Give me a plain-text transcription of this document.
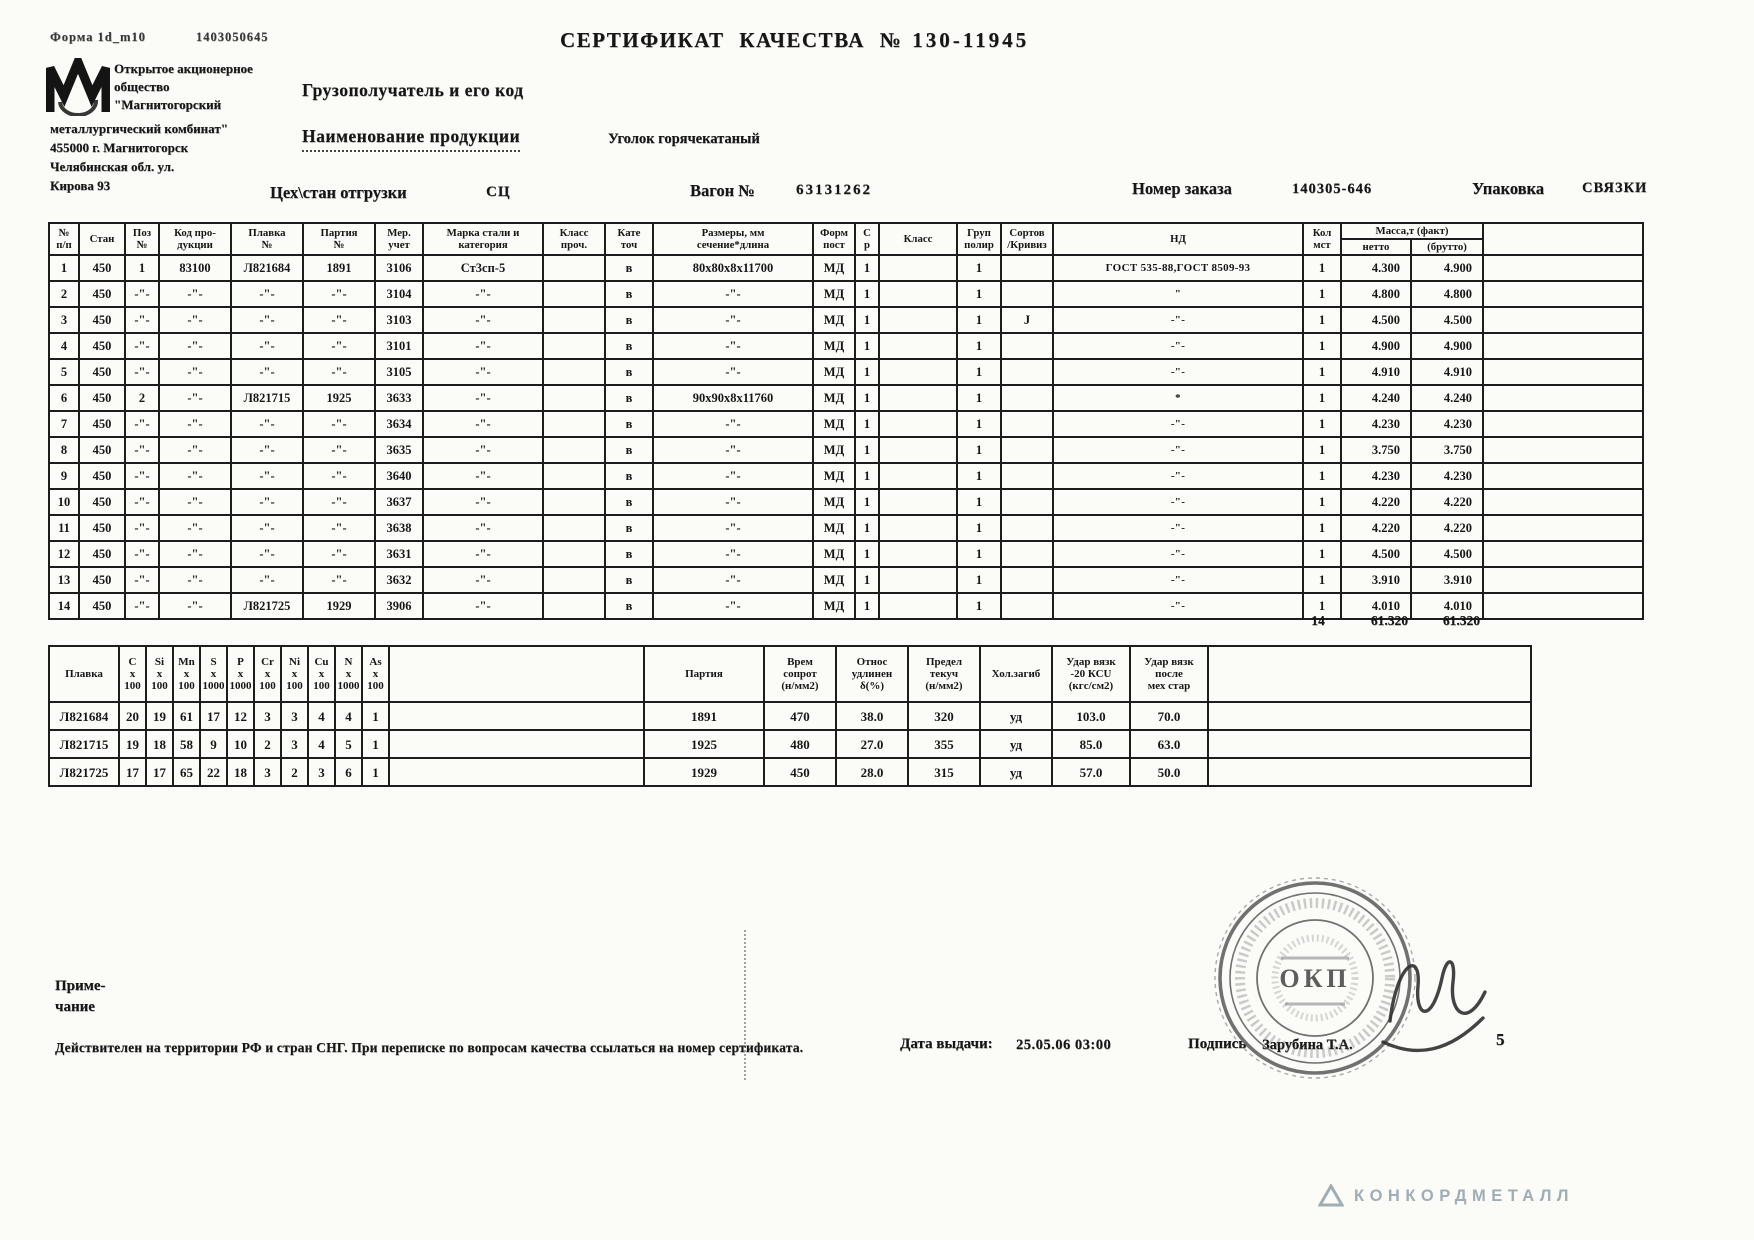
Форма 1d_m10	1403050645	СЕРТИФИКАТ КАЧЕСТВА № 130-11945
Открытое акционерное
общество
"Магнитогорский
металлургический комбинат"
455000 г. Магнитогорск
Челябинская обл. ул.
Кирова 93
Грузополучатель и его код
Наименование продукции	Уголок горячекатаный
Цех\стан отгрузки	СЦ	Вагон №	63131262	Номер заказа	140305-646	Упаковка	СВЯЗКИ
№
п/п

Стан

Поз
№

Код про-
дукции

Плавка
№

Партия
№

Мер.
учет

Марка стали и
категория

Класс
проч.

Кате
точ

Размеры, мм
сечение*длина

Форм
пост

С
р

Класс

Груп
полир

Сортов
/Кривиз

НД

Кол
мст
	Масса,т (факт)	
																		нетто	(брутто)	
1	450	1	83100	Л821684	1891	3106	Ст3сп-5		в	80х80х8х11700	МД	1		1		ГОСТ 535-88,ГОСТ 8509-93	1	4.300	4.900	
2	450	-"-	-"-	-"-	-"-	3104	-"-		в	-"-	МД	1		1		"	1	4.800	4.800	
3	450	-"-	-"-	-"-	-"-	3103	-"-		в	-"-	МД	1		1	J	-"-	1	4.500	4.500	
4	450	-"-	-"-	-"-	-"-	3101	-"-		в	-"-	МД	1		1		-"-	1	4.900	4.900	
5	450	-"-	-"-	-"-	-"-	3105	-"-		в	-"-	МД	1		1		-"-	1	4.910	4.910	
6	450	2	-"-	Л821715	1925	3633	-"-		в	90х90х8х11760	МД	1		1		*	1	4.240	4.240	
7	450	-"-	-"-	-"-	-"-	3634	-"-		в	-"-	МД	1		1		-"-	1	4.230	4.230	
8	450	-"-	-"-	-"-	-"-	3635	-"-		в	-"-	МД	1		1		-"-	1	3.750	3.750	
9	450	-"-	-"-	-"-	-"-	3640	-"-		в	-"-	МД	1		1		-"-	1	4.230	4.230	
10	450	-"-	-"-	-"-	-"-	3637	-"-		в	-"-	МД	1		1		-"-	1	4.220	4.220	
11	450	-"-	-"-	-"-	-"-	3638	-"-		в	-"-	МД	1		1		-"-	1	4.220	4.220	
12	450	-"-	-"-	-"-	-"-	3631	-"-		в	-"-	МД	1		1		-"-	1	4.500	4.500	
13	450	-"-	-"-	-"-	-"-	3632	-"-		в	-"-	МД	1		1		-"-	1	3.910	3.910	
14	450	-"-	-"-	Л821725	1929	3906	-"-		в	-"-	МД	1		1		-"-	1	4.010	4.010	
14	61.320	61.320
Плавка

C
х
100

Si
х
100

Mn
х
100

S
х
1000

P
х
1000

Cr
х
100

Ni
х
100

Cu
х
100

N
х
1000

As
х
100

Партия

Врем
сопрот
(н/мм2)

Относ
удлинен
δ(%)

Предел
текуч
(н/мм2)

Хол.загиб

Удар вязк
-20 КСU
(кгс/см2)

Удар вязк
после
мех стар

Л821684	20	19	61	17	12	3	3	4	4	1		1891	470	38.0	320	уд	103.0	70.0	
Л821715	19	18	58	9	10	2	3	4	5	1		1925	480	27.0	355	уд	85.0	63.0	
Л821725	17	17	65	22	18	3	2	3	6	1		1929	450	28.0	315	уд	57.0	50.0	
Приме-
чание
Действителен на территории РФ и стран СНГ. При переписке по вопросам качества ссылаться на номер сертификата.	Дата выдачи: 25.05.06 03:00	Подпись Зарубина Т.А.	5
ОКП
КОНКОРДМЕТАЛЛ
